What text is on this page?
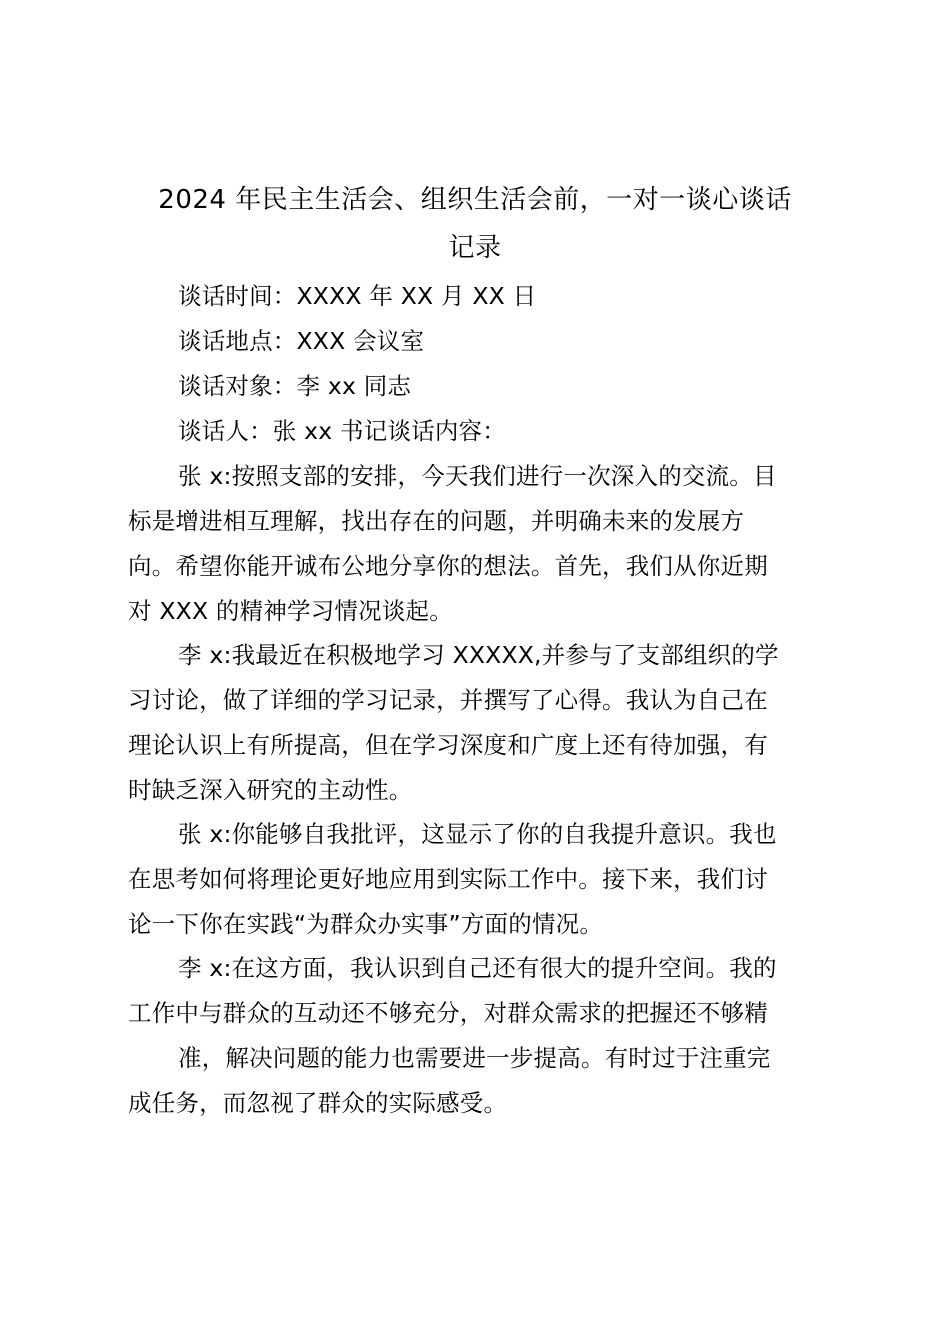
2024 年民主生活会、组织生活会前，一对一谈心谈话
记录
谈话时间：XXXX 年 XX 月 XX 日
谈话地点：XXX 会议室
谈话对象：李 xx 同志
谈话人：张 xx 书记谈话内容：
张 x:按照支部的安排，今天我们进行一次深入的交流。目
标是增进相互理解，找出存在的问题，并明确未来的发展方
向。希望你能开诚布公地分享你的想法。首先，我们从你近期
对 XXX 的精神学习情况谈起。
李 x:我最近在积极地学习 XXXXX,并参与了支部组织的学
习讨论，做了详细的学习记录，并撰写了心得。我认为自己在
理论认识上有所提高，但在学习深度和广度上还有待加强，有
时缺乏深入研究的主动性。
张 x:你能够自我批评，这显示了你的自我提升意识。我也
在思考如何将理论更好地应用到实际工作中。接下来，我们讨
论一下你在实践“为群众办实事”方面的情况。
李 x:在这方面，我认识到自己还有很大的提升空间。我的
工作中与群众的互动还不够充分，对群众需求的把握还不够精
准，解决问题的能力也需要进一步提高。有时过于注重完
成任务，而忽视了群众的实际感受。
